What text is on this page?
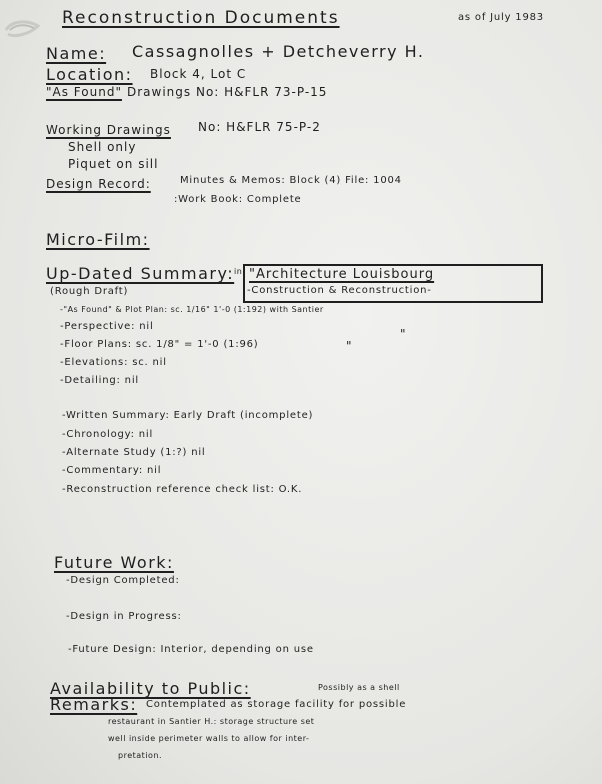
Reconstruction Documents	as of July 1983
Name: Cassagnolles + Detcheverry H.
Location: Block 4, Lot C
"As Found" Drawings No: H&FLR 73-P-15
Working Drawings No: H&FLR 75-P-2
Shell only
Piquet on sill
Design Record:	Minutes & Memos: Block (4) File: 1004
:Work Book: Complete
Micro-Film:
Up-Dated Summary: in
(Rough Draft)
"Architecture Louisbourg
-Construction & Reconstruction-
-"As Found" & Plot Plan: sc. 1/16" 1'-0 (1:192) with Santier
-Perspective: nil
-Floor Plans: sc. 1/8" = 1'-0 (1:96)
-Elevations: sc. nil
-Detailing: nil
"
"
-Written Summary: Early Draft (incomplete)
-Chronology: nil
-Alternate Study (1:?) nil
-Commentary: nil
-Reconstruction reference check list: O.K.
Future Work:
-Design Completed:
-Design in Progress:
-Future Design: Interior, depending on use
Availability to Public:	Possibly as a shell
Remarks: Contemplated as storage facility for possible
restaurant in Santier H.: storage structure set
well inside perimeter walls to allow for inter-
pretation.
